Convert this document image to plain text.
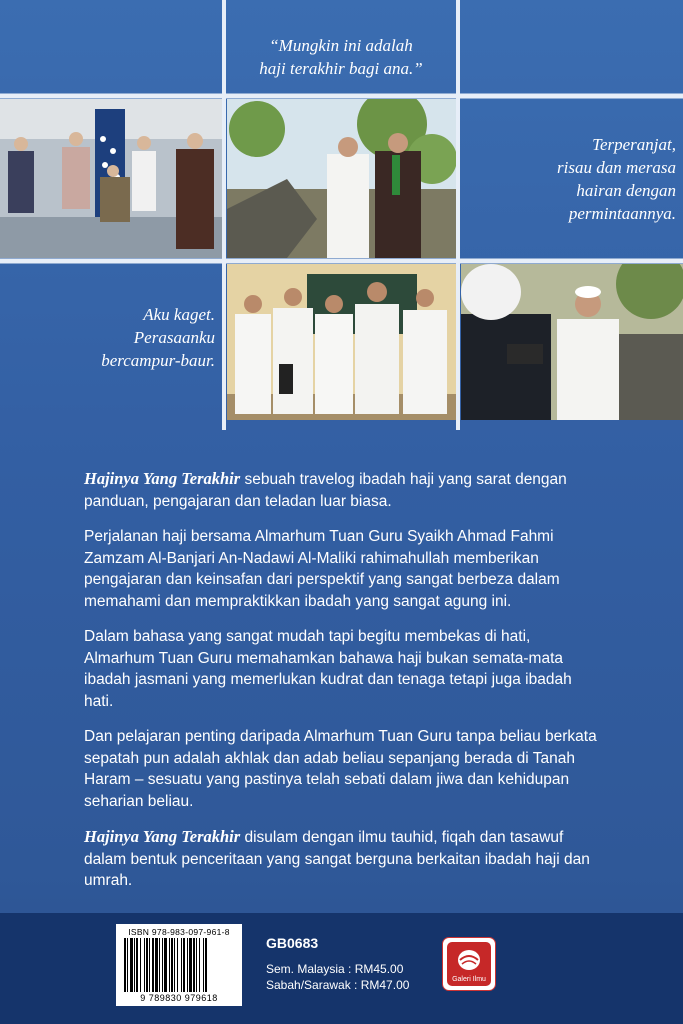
“Mungkin ini adalah
haji terakhir bagi ana.”
Terperanjat,
risau dan merasa
hairan dengan
permintaannya.
Aku kaget.
Perasaanku
bercampur-baur.

Hajinya Yang Terakhir sebuah travelog ibadah haji yang sarat dengan panduan, pengajaran dan teladan luar biasa.

Perjalanan haji bersama Almarhum Tuan Guru Syaikh Ahmad Fahmi Zamzam Al-Banjari An-Nadawi Al-Maliki rahimahullah memberikan pengajaran dan keinsafan dari perspektif yang sangat berbeza dalam memahami dan mempraktikkan ibadah yang sangat agung ini.

Dalam bahasa yang sangat mudah tapi begitu membekas di hati, Almarhum Tuan Guru memahamkan bahawa haji bukan semata-mata ibadah jasmani yang memerlukan kudrat dan tenaga tetapi juga ibadah hati.

Dan pelajaran penting daripada Almarhum Tuan Guru tanpa beliau berkata sepatah pun adalah akhlak dan adab beliau sepanjang berada di Tanah Haram – sesuatu yang pastinya telah sebati dalam jiwa dan kehidupan seharian beliau.

Hajinya Yang Terakhir disulam dengan ilmu tauhid, fiqah dan tasawuf dalam bentuk penceritaan yang sangat berguna berkaitan ibadah haji dan umrah.

ISBN 978-983-097-961-8
9 789830 979618
GB0683
Sem. Malaysia : RM45.00
Sabah/Sarawak : RM47.00	Galeri Ilmu
